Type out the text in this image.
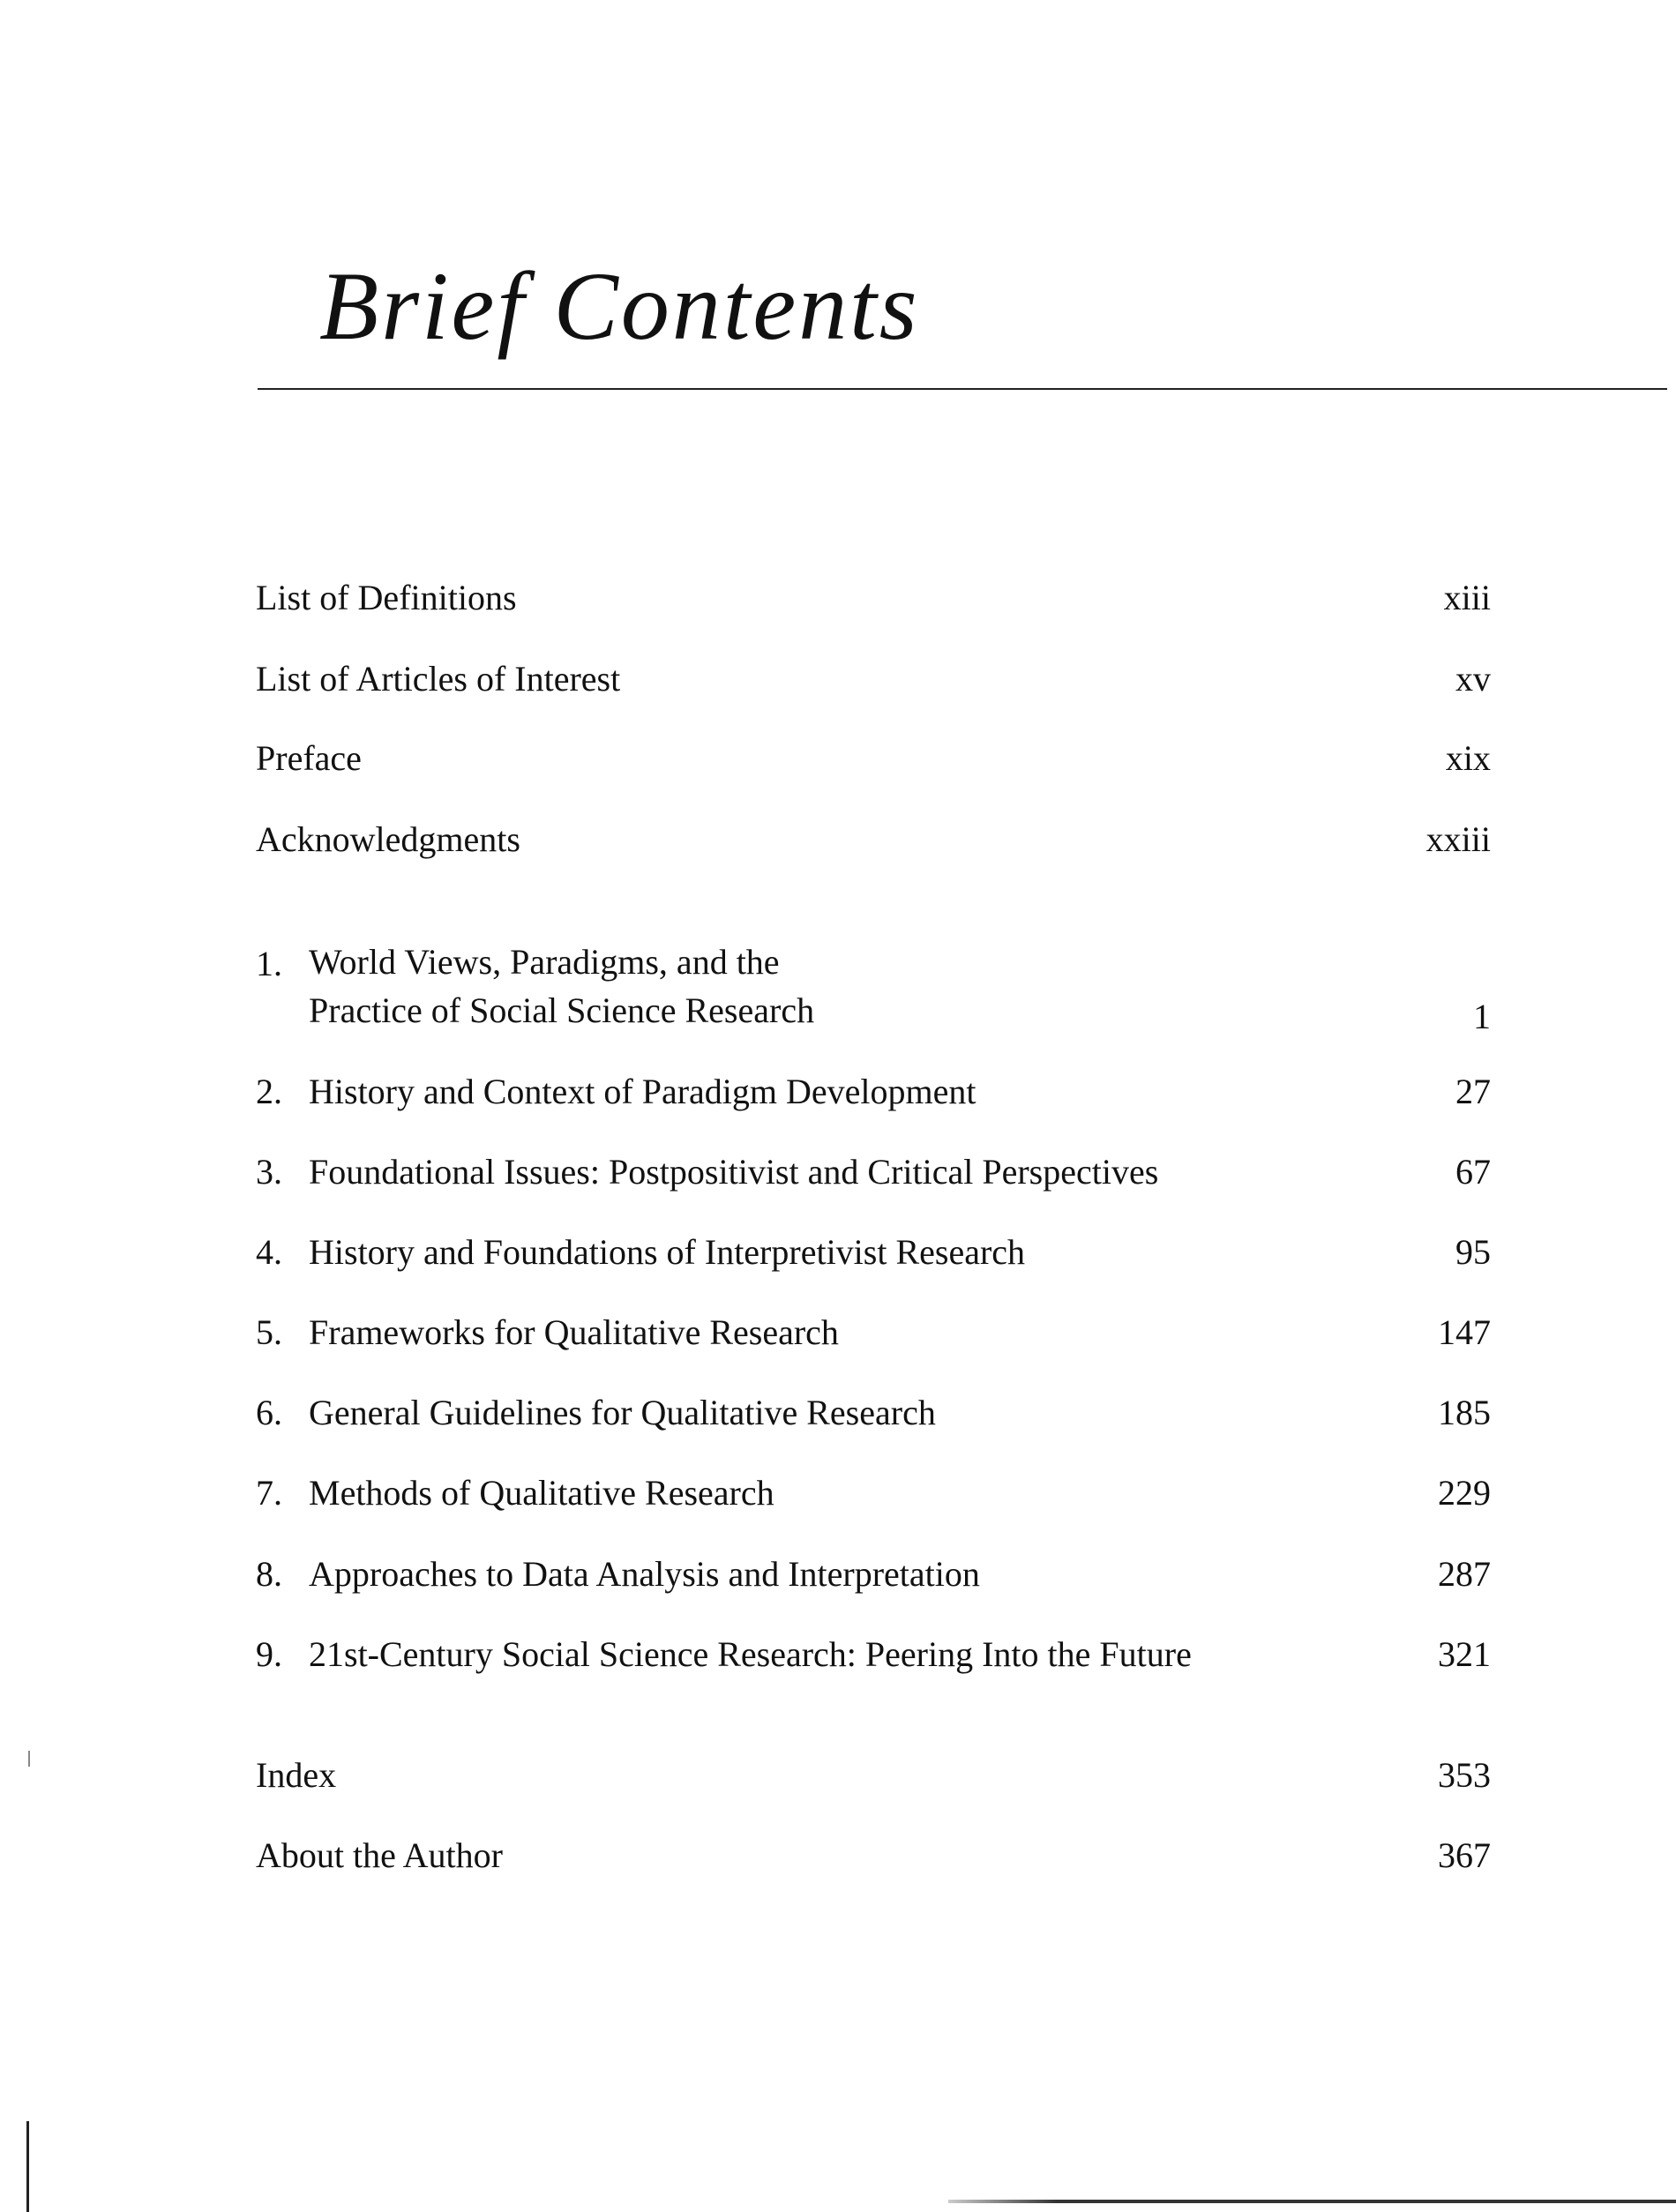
Brief Contents
List of Definitions	xiii
List of Articles of Interest	xv
Preface	xix
Acknowledgments	xxiii
1. World Views, Paradigms, and the
Practice of Social Science Research	1
2. History and Context of Paradigm Development	27
3. Foundational Issues: Postpositivist and Critical Perspectives	67
4. History and Foundations of Interpretivist Research	95
5. Frameworks for Qualitative Research	147
6. General Guidelines for Qualitative Research	185
7. Methods of Qualitative Research	229
8. Approaches to Data Analysis and Interpretation	287
9. 21st-Century Social Science Research: Peering Into the Future	321
Index	353
About the Author	367
